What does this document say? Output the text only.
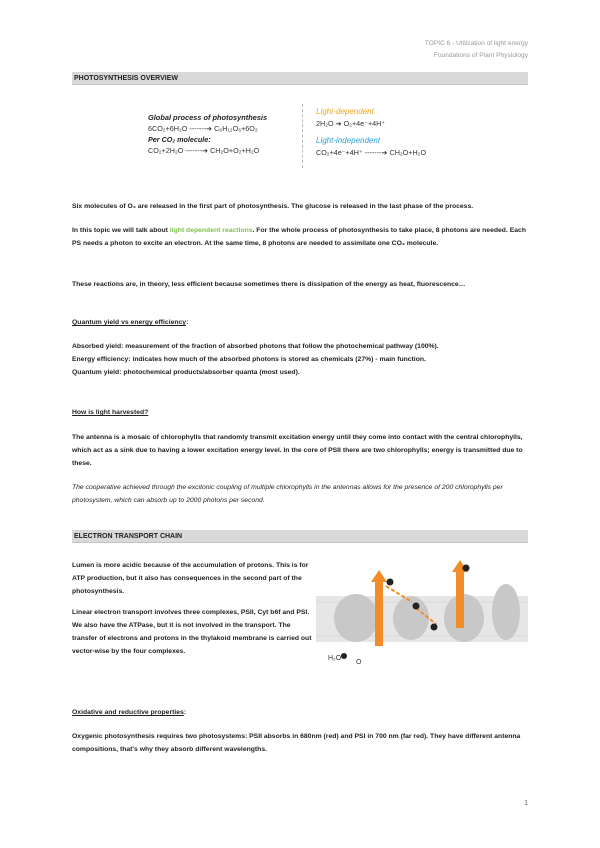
TOPIC 6 - Utilization of light energy
Foundations of Plant Physiology
PHOTOSYNTHESIS OVERVIEW
Global process of photosynthesis
6CO₂+6H₂O -------➔ C₆H₁₂O₆+6O₂
Per CO₂ molecule:
CO₂+2H₂O -------➔ CH₂O+O₂+H₂O
Light-dependent
2H₂O ➔ O₂+4e⁻+4H⁺
Light-independent
CO₂+4e⁻+4H⁺ -------➔ CH₂O+H₂O
Six molecules of O₂ are released in the first part of photosynthesis. The glucose is released in the last phase of the process.
In this topic we will talk about light dependent reactions. For the whole process of photosynthesis to take place, 8 photons are needed. Each PS needs a photon to excite an electron. At the same time, 8 photons are needed to assimilate one CO₂ molecule.
These reactions are, in theory, less efficient because sometimes there is dissipation of the energy as heat, fluorescence…
Quantum yield vs energy efficiency:
Absorbed yield: measurement of the fraction of absorbed photons that follow the photochemical pathway (100%).
Energy efficiency: indicates how much of the absorbed photons is stored as chemicals (27%) - main function.
Quantum yield: photochemical products/absorber quanta (most used).
How is light harvested?
The antenna is a mosaic of chlorophylls that randomly transmit excitation energy until they come into contact with the central chlorophylls, which act as a sink due to having a lower excitation energy level. In the core of PSII there are two chlorophylls; energy is transmitted due to these.
The cooperative achieved through the excitonic coupling of multiple chlorophylls in the antennas allows for the presence of 200 chlorophylls per photosystem, which can absorb up to 2000 photons per second.
ELECTRON TRANSPORT CHAIN
Lumen is more acidic because of the accumulation of protons. This is for ATP production, but it also has consequences in the second part of the photosynthesis.
Linear electron transport involves three complexes, PSII, Cyt b6f and PSI. We also have the ATPase, but it is not involved in the transport. The transfer of electrons and protons in the thylakoid membrane is carried out vector-wise by the four complexes.
H₂O
O
Oxidative and reductive properties:
Oxygenic photosynthesis requires two photosystems: PSII absorbs in 680nm (red) and PSI in 700 nm (far red). They have different antenna compositions, that's why they absorb different wavelengths.
1
